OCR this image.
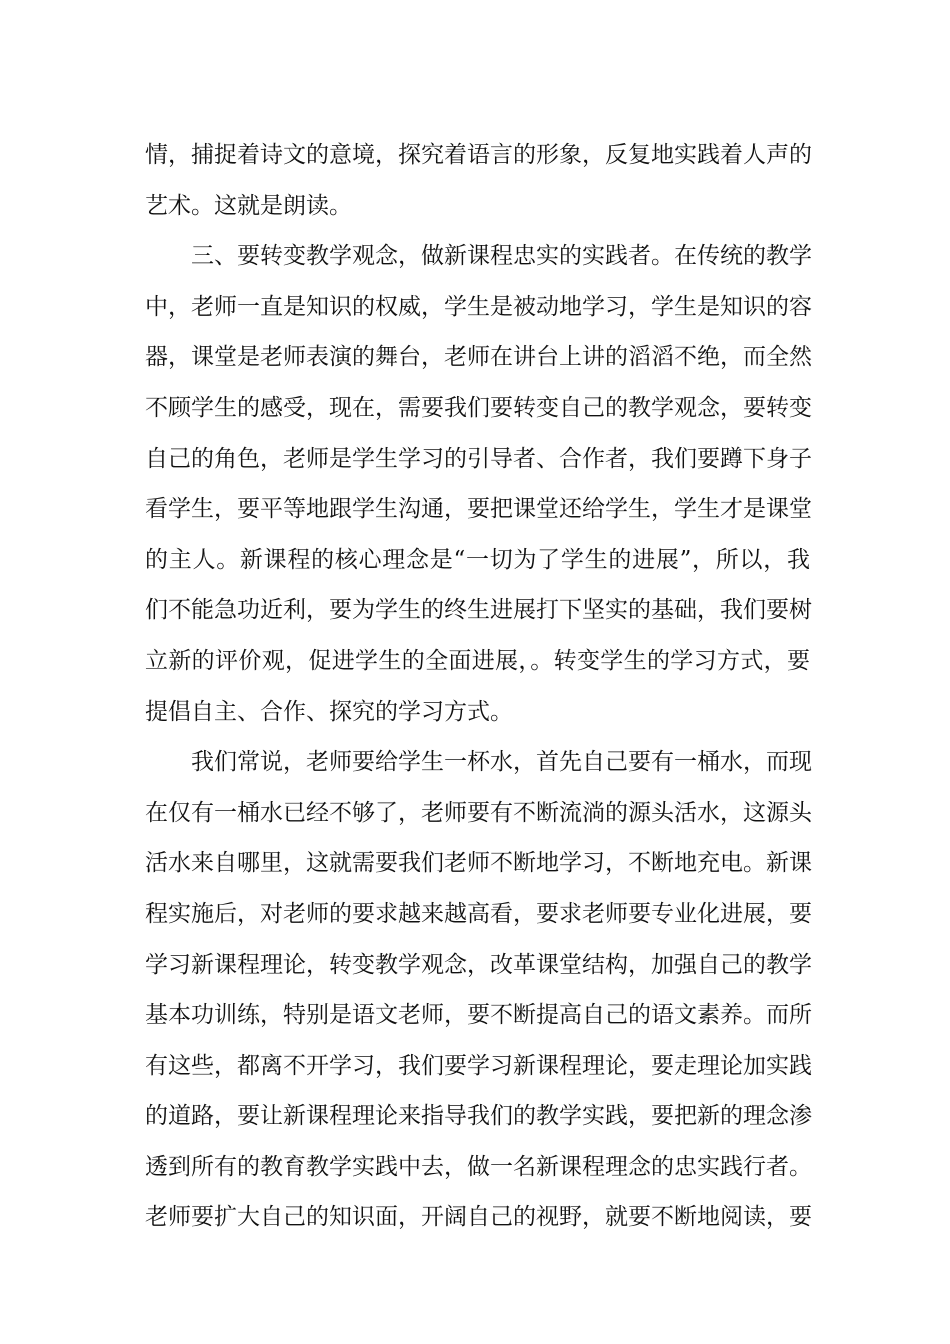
情，捕捉着诗文的意境，探究着语言的形象，反复地实践着人声的
艺术。这就是朗读。
三、要转变教学观念，做新课程忠实的实践者。在传统的教学
中，老师一直是知识的权威，学生是被动地学习，学生是知识的容
器，课堂是老师表演的舞台，老师在讲台上讲的滔滔不绝，而全然
不顾学生的感受，现在，需要我们要转变自己的教学观念，要转变
自己的角色，老师是学生学习的引导者、合作者，我们要蹲下身子
看学生，要平等地跟学生沟通，要把课堂还给学生，学生才是课堂
的主人。新课程的核心理念是“一切为了学生的进展”，所以，我
们不能急功近利，要为学生的终生进展打下坚实的基础，我们要树
立新的评价观，促进学生的全面进展，。转变学生的学习方式，要
提倡自主、合作、探究的学习方式。
我们常说，老师要给学生一杯水，首先自己要有一桶水，而现
在仅有一桶水已经不够了，老师要有不断流淌的源头活水，这源头
活水来自哪里，这就需要我们老师不断地学习，不断地充电。新课
程实施后，对老师的要求越来越高看，要求老师要专业化进展，要
学习新课程理论，转变教学观念，改革课堂结构，加强自己的教学
基本功训练，特别是语文老师，要不断提高自己的语文素养。而所
有这些，都离不开学习，我们要学习新课程理论，要走理论加实践
的道路，要让新课程理论来指导我们的教学实践，要把新的理念渗
透到所有的教育教学实践中去，做一名新课程理念的忠实践行者。
老师要扩大自己的知识面，开阔自己的视野，就要不断地阅读，要
